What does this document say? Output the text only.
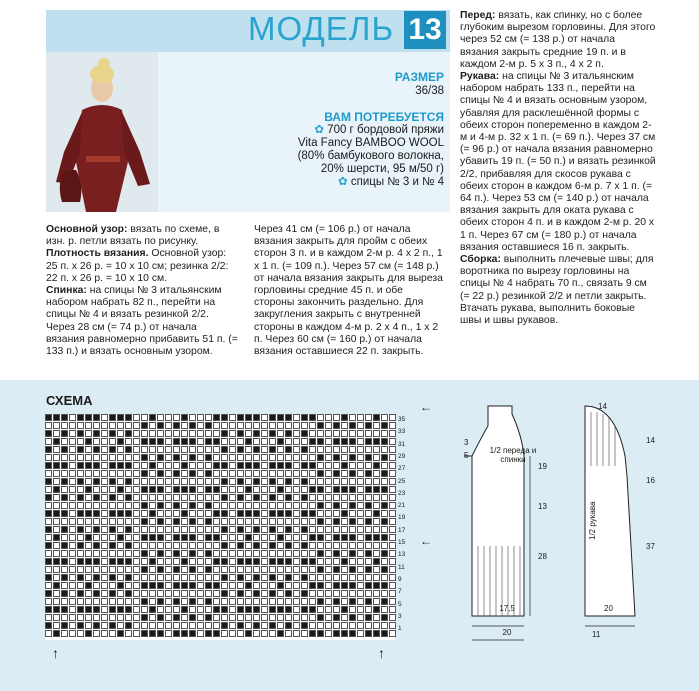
МОДЕЛЬ 13
РАЗМЕР
36/38
ВАМ ПОТРЕБУЕТСЯ
✿ 700 г бордовой пряжи
Vita Fancy BAMBOO WOOL
(80% бамбукового волокна,
20% шерсти, 95 м/50 г)
✿ спицы № 3 и № 4

Основной узор: вязать по схеме, в изн. р. петли вязать по рисунку.

Плотность вязания. Основной узор: 25 п. х 26 р. = 10 х 10 см; резинка 2/2: 22 п. х 26 р. = 10 х 10 см.

Спинка: на спицы № 3 итальянским набором набрать 82 п., перейти на спицы № 4 и вязать резинкой 2/2. Через 28 см (= 74 р.) от начала вязания равномерно прибавить 51 п. (= 133 п.) и вязать основным узором.

Через 41 см (= 106 р.) от начала вязания закрыть для пройм с обеих сторон 3 п. и в каждом 2-м р. 4 х 2 п., 1 х 1 п. (= 109 п.). Через 57 см (= 148 р.) от начала вязания закрыть для выреза горловины средние 45 п. и обе стороны закончить раздельно. Для закругления закрыть с внутренней стороны в каждом 4-м р. 2 х 4 п., 1 х 2 п. Через 60 см (= 160 р.) от начала вязания оставшиеся 22 п. закрыть.

Перед: вязать, как спинку, но с более глубоким вырезом горловины. Для этого через 52 см (= 138 р.) от начала вязания закрыть средние 19 п. и в каждом 2-м р. 5 х 3 п., 4 х 2 п.

Рукава: на спицы № 3 итальянским набором набрать 133 п., перейти на спицы № 4 и вязать основным узором, убавляя для расклешённой формы с обеих сторон попеременно в каждом 2-м и 4-м р. 32 х 1 п. (= 69 п.). Через 37 см (= 96 р.) от начала вязания равномерно убавить 19 п. (= 50 п.) и вязать резинкой 2/2, прибавляя для скосов рукава с обеих сторон в каждом 6-м р. 7 х 1 п. (= 64 п.). Через 53 см (= 140 р.) от начала вязания закрыть для оката рукава с обеих сторон 4 п. и в каждом 2-м р. 20 х 1 п. Через 67 см (= 180 р.) от начала вязания оставшиеся 16 п. закрыть.

Сборка: выполнить плечевые швы; для воротника по вырезу горловины на спицы № 4 набрать 70 п., связать 9 см (= 22 р.) резинкой 2/2 и петли закрыть. Втачать рукава, выполнить боковые швы и швы рукавов.

СХЕМА
35
33
31
29
27
25
23
21
19
17
15
13
11
9
7
5
3
1
↑	↑
←
←
1/2 переда и спинки
3
5
19
13
28
17,5
20
14
14
16
37
20
11
1/2 рукава
